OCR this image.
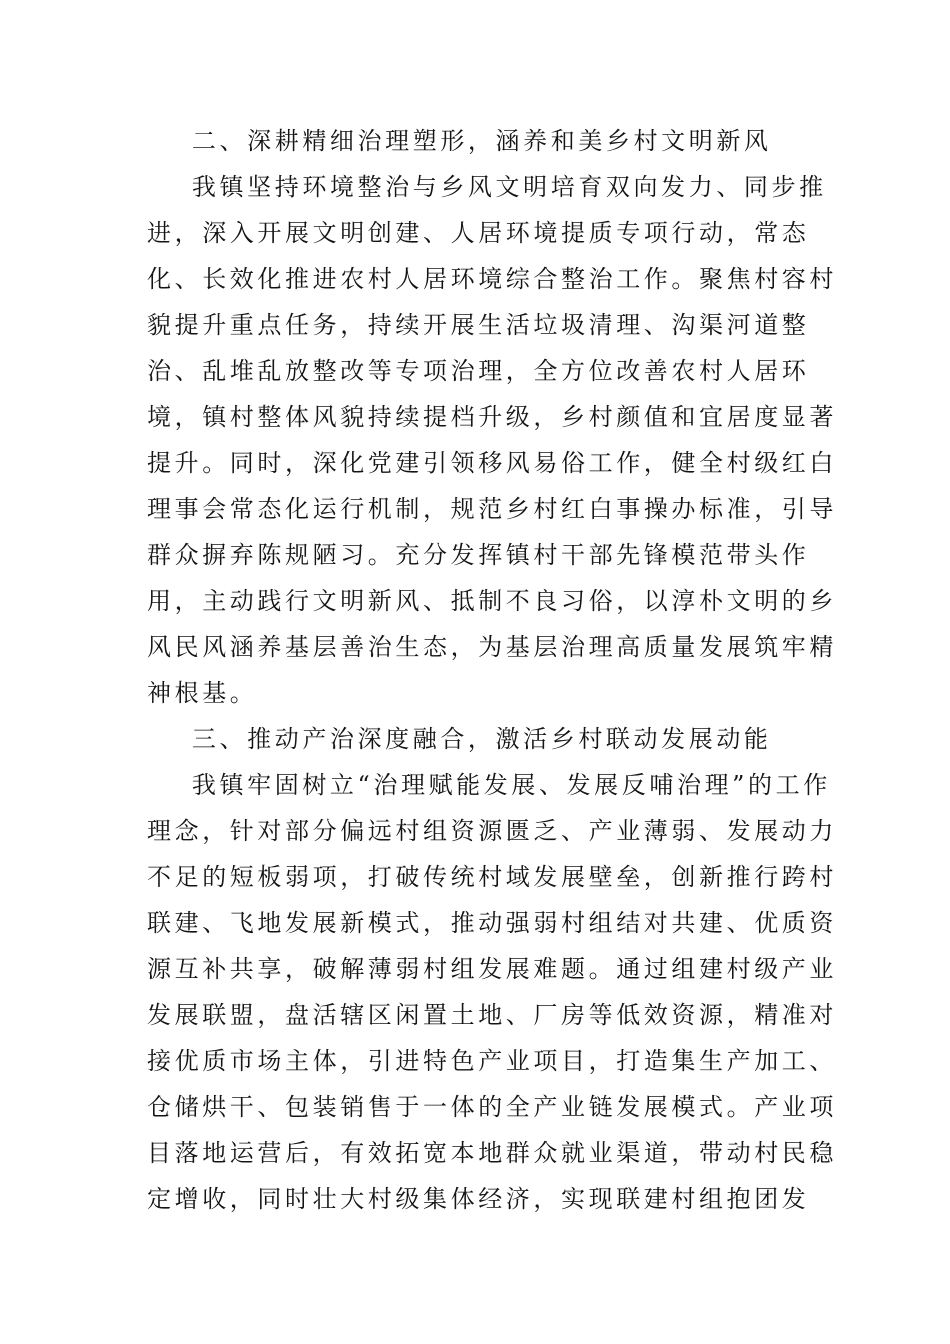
二、深耕精细治理塑形，涵养和美乡村文明新风

我镇坚持环境整治与乡风文明培育双向发力、同步推

进，深入开展文明创建、人居环境提质专项行动，常态

化、长效化推进农村人居环境综合整治工作。聚焦村容村

貌提升重点任务，持续开展生活垃圾清理、沟渠河道整

治、乱堆乱放整改等专项治理，全方位改善农村人居环

境，镇村整体风貌持续提档升级，乡村颜值和宜居度显著

提升。同时，深化党建引领移风易俗工作，健全村级红白

理事会常态化运行机制，规范乡村红白事操办标准，引导

群众摒弃陈规陋习。充分发挥镇村干部先锋模范带头作

用，主动践行文明新风、抵制不良习俗，以淳朴文明的乡

风民风涵养基层善治生态，为基层治理高质量发展筑牢精

神根基。

三、推动产治深度融合，激活乡村联动发展动能

我镇牢固树立“治理赋能发展、发展反哺治理”的工作

理念，针对部分偏远村组资源匮乏、产业薄弱、发展动力

不足的短板弱项，打破传统村域发展壁垒，创新推行跨村

联建、飞地发展新模式，推动强弱村组结对共建、优质资

源互补共享，破解薄弱村组发展难题。通过组建村级产业

发展联盟，盘活辖区闲置土地、厂房等低效资源，精准对

接优质市场主体，引进特色产业项目，打造集生产加工、

仓储烘干、包装销售于一体的全产业链发展模式。产业项

目落地运营后，有效拓宽本地群众就业渠道，带动村民稳

定增收，同时壮大村级集体经济，实现联建村组抱团发
